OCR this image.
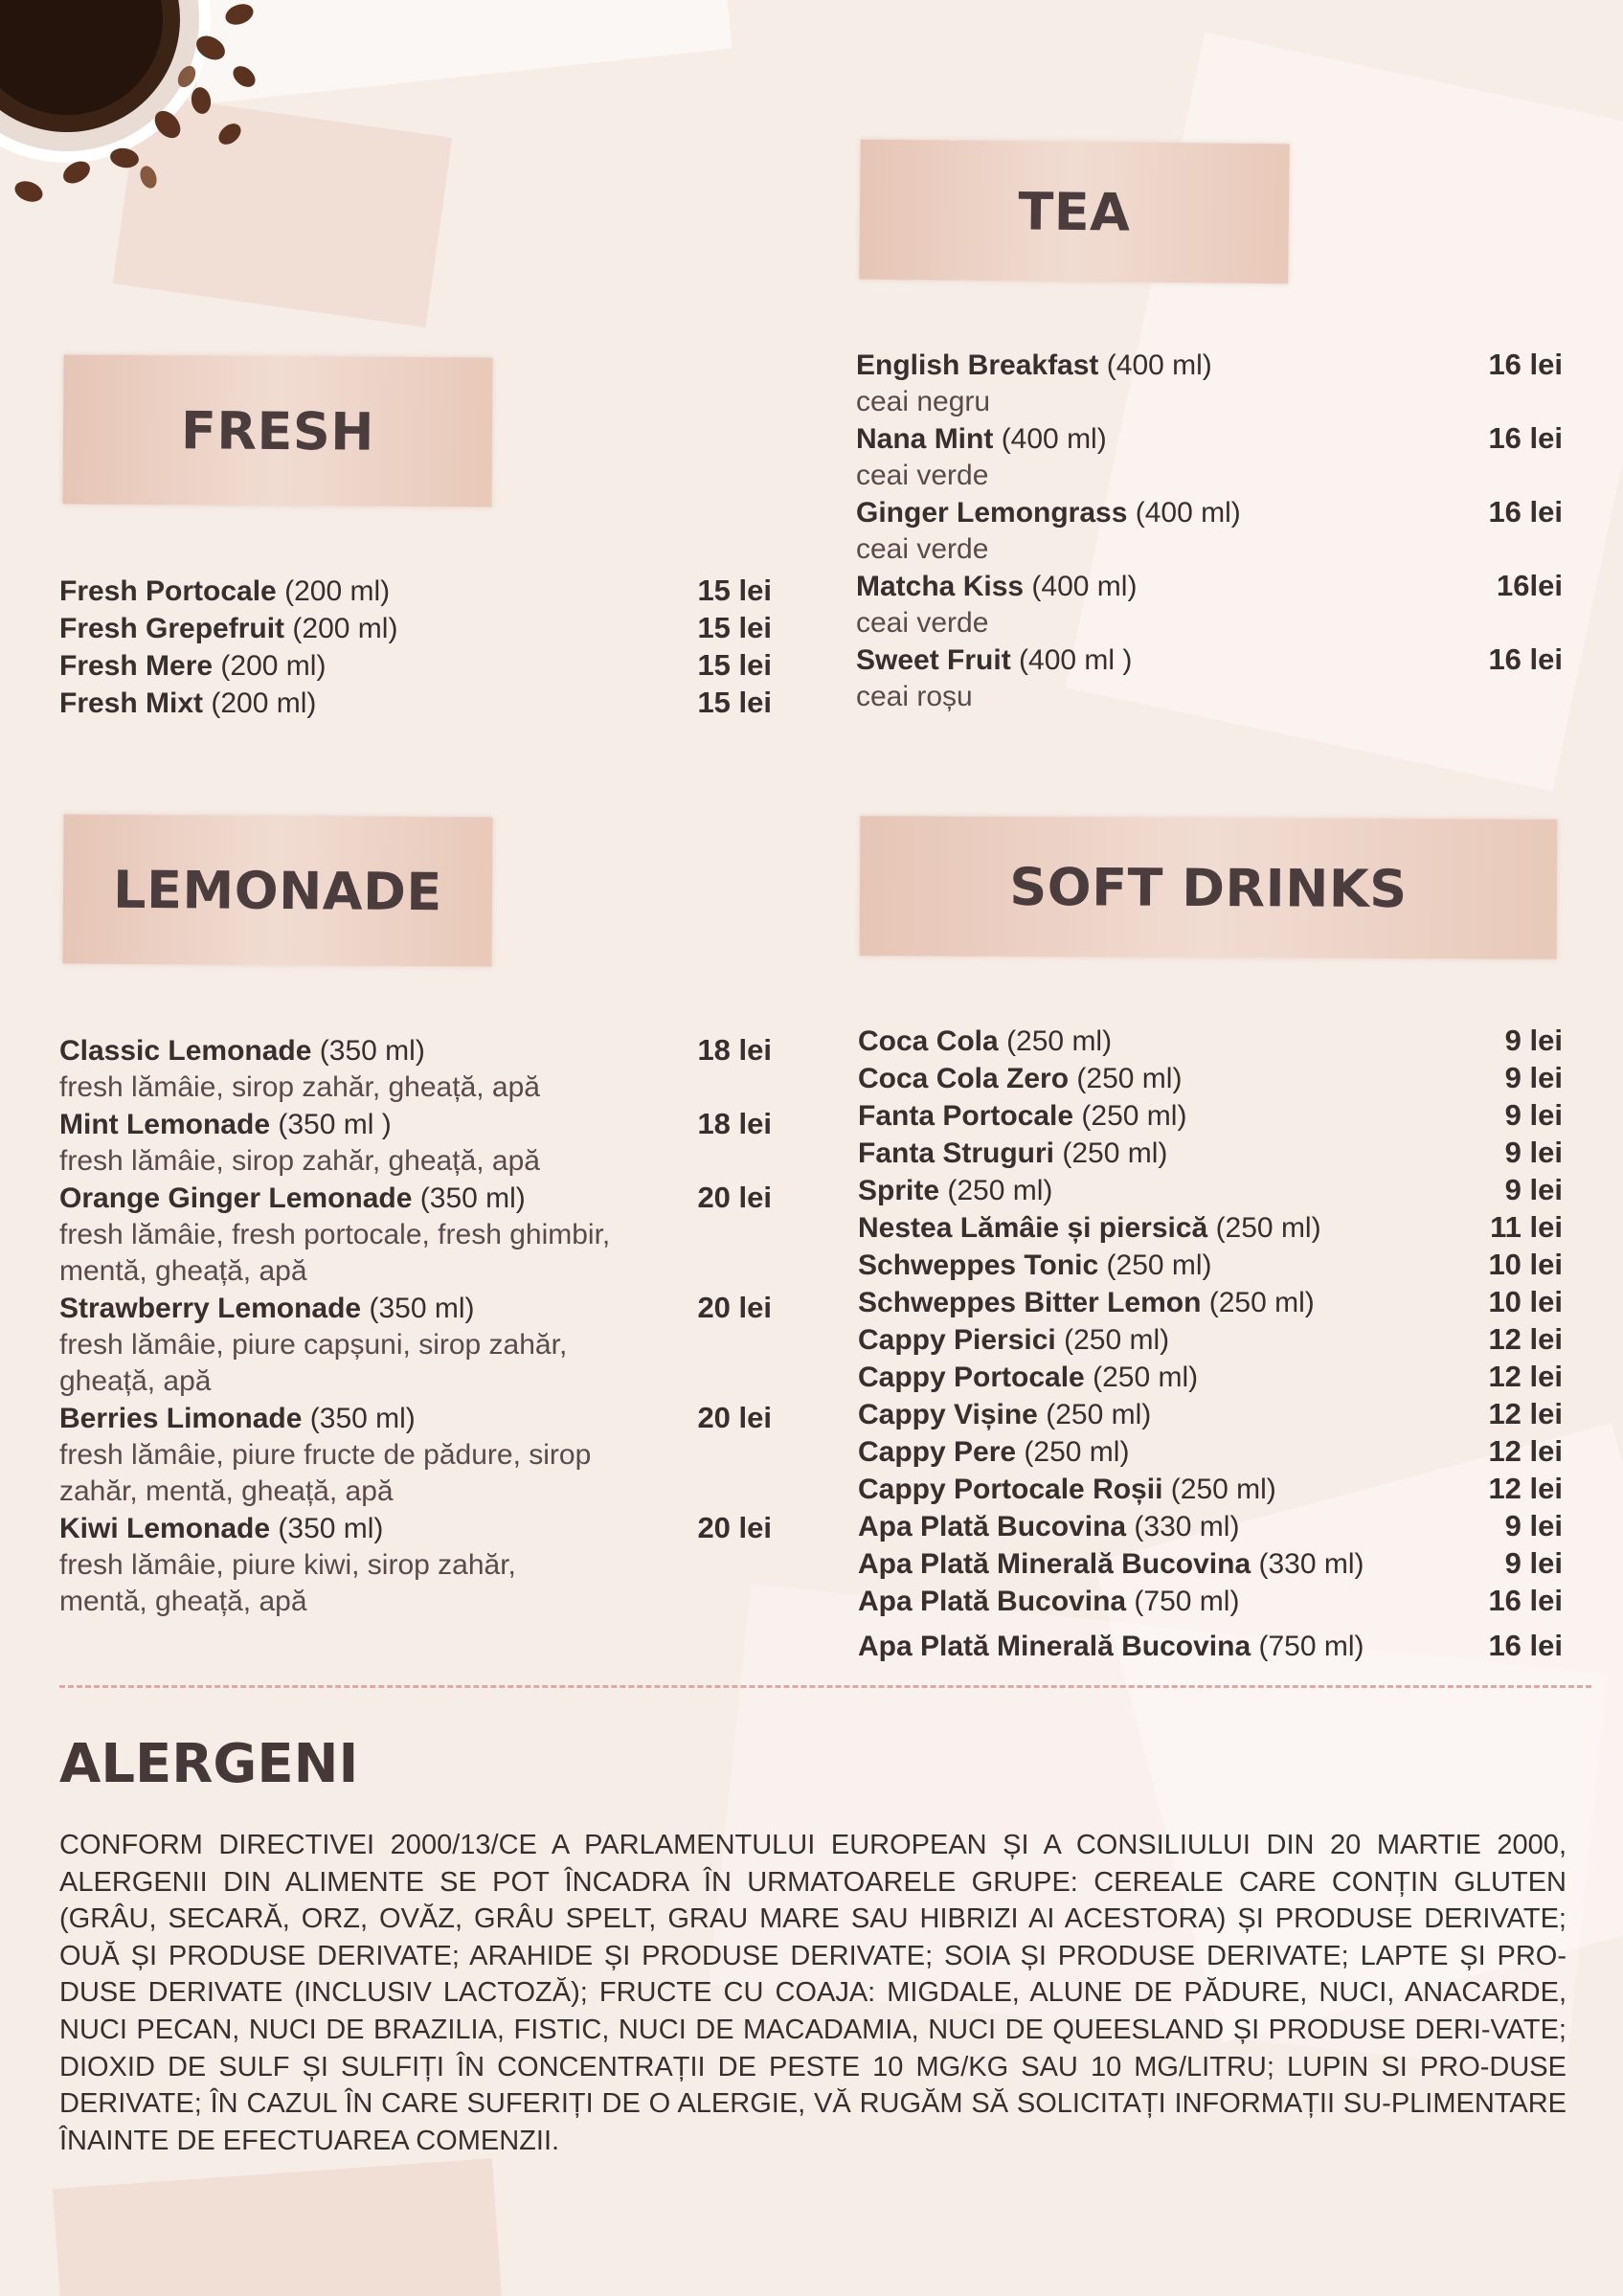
FRESH
Fresh Portocale (200 ml)	15 lei
Fresh Grepefruit (200 ml)	15 lei
Fresh Mere (200 ml)	15 lei
Fresh Mixt (200 ml)	15 lei
TEA
English Breakfast (400 ml)	16 lei
ceai negru
Nana Mint (400 ml)	16 lei
ceai verde
Ginger Lemongrass (400 ml)	16 lei
ceai verde
Matcha Kiss (400 ml)	16lei
ceai verde
Sweet Fruit (400 ml )	16 lei
ceai roșu
LEMONADE
Classic Lemonade (350 ml)	18 lei
fresh lămâie, sirop zahăr, gheață, apă
Mint Lemonade (350 ml )	18 lei
fresh lămâie, sirop zahăr, gheață, apă
Orange Ginger Lemonade (350 ml)	20 lei
fresh lămâie, fresh portocale, fresh ghimbir,
mentă, gheață, apă
Strawberry Lemonade (350 ml)	20 lei
fresh lămâie, piure capșuni, sirop zahăr,
gheață, apă
Berries Limonade (350 ml)	20 lei
fresh lămâie, piure fructe de pădure, sirop
zahăr, mentă, gheață, apă
Kiwi Lemonade (350 ml)	20 lei
fresh lămâie, piure kiwi, sirop zahăr,
mentă, gheață, apă
SOFT DRINKS
Coca Cola (250 ml)	9 lei
Coca Cola Zero (250 ml)	9 lei
Fanta Portocale (250 ml)	9 lei
Fanta Struguri (250 ml)	9 lei
Sprite (250 ml)	9 lei
Nestea Lămâie și piersică (250 ml)	11 lei
Schweppes Tonic (250 ml)	10 lei
Schweppes Bitter Lemon (250 ml)	10 lei
Cappy Piersici (250 ml)	12 lei
Cappy Portocale (250 ml)	12 lei
Cappy Vișine (250 ml)	12 lei
Cappy Pere (250 ml)	12 lei
Cappy Portocale Roșii (250 ml)	12 lei
Apa Plată Bucovina (330 ml)	9 lei
Apa Plată Minerală Bucovina (330 ml)	9 lei
Apa Plată Bucovina (750 ml)	16 lei
Apa Plată Minerală Bucovina (750 ml)	16 lei
ALERGENI
CONFORM DIRECTIVEI 2000/13/CE A PARLAMENTULUI EUROPEAN ȘI A CONSILIULUI DIN 20 MARTIE 2000, ALERGENII DIN ALIMENTE SE POT ÎNCADRA ÎN URMATOARELE GRUPE: CEREALE CARE CONȚIN GLUTEN (GRÂU, SECARĂ, ORZ, OVĂZ, GRÂU SPELT, GRAU MARE SAU HIBRIZI AI ACESTORA) ȘI PRODUSE DERIVATE; OUĂ ȘI PRODUSE DERIVATE; ARAHIDE ȘI PRODUSE DERIVATE; SOIA ȘI PRODUSE DERIVATE; LAPTE ȘI PRO-DUSE DERIVATE (INCLUSIV LACTOZĂ); FRUCTE CU COAJA: MIGDALE, ALUNE DE PĂDURE, NUCI, ANACARDE, NUCI PECAN, NUCI DE BRAZILIA, FISTIC, NUCI DE MACADAMIA, NUCI DE QUEESLAND ȘI PRODUSE DERI-VATE; DIOXID DE SULF ȘI SULFIȚI ÎN CONCENTRAȚII DE PESTE 10 MG/KG SAU 10 MG/LITRU; LUPIN SI PRO-DUSE DERIVATE; ÎN CAZUL ÎN CARE SUFERIȚI DE O ALERGIE, VĂ RUGĂM SĂ SOLICITAȚI INFORMAȚII SU-PLIMENTARE ÎNAINTE DE EFECTUAREA COMENZII.
